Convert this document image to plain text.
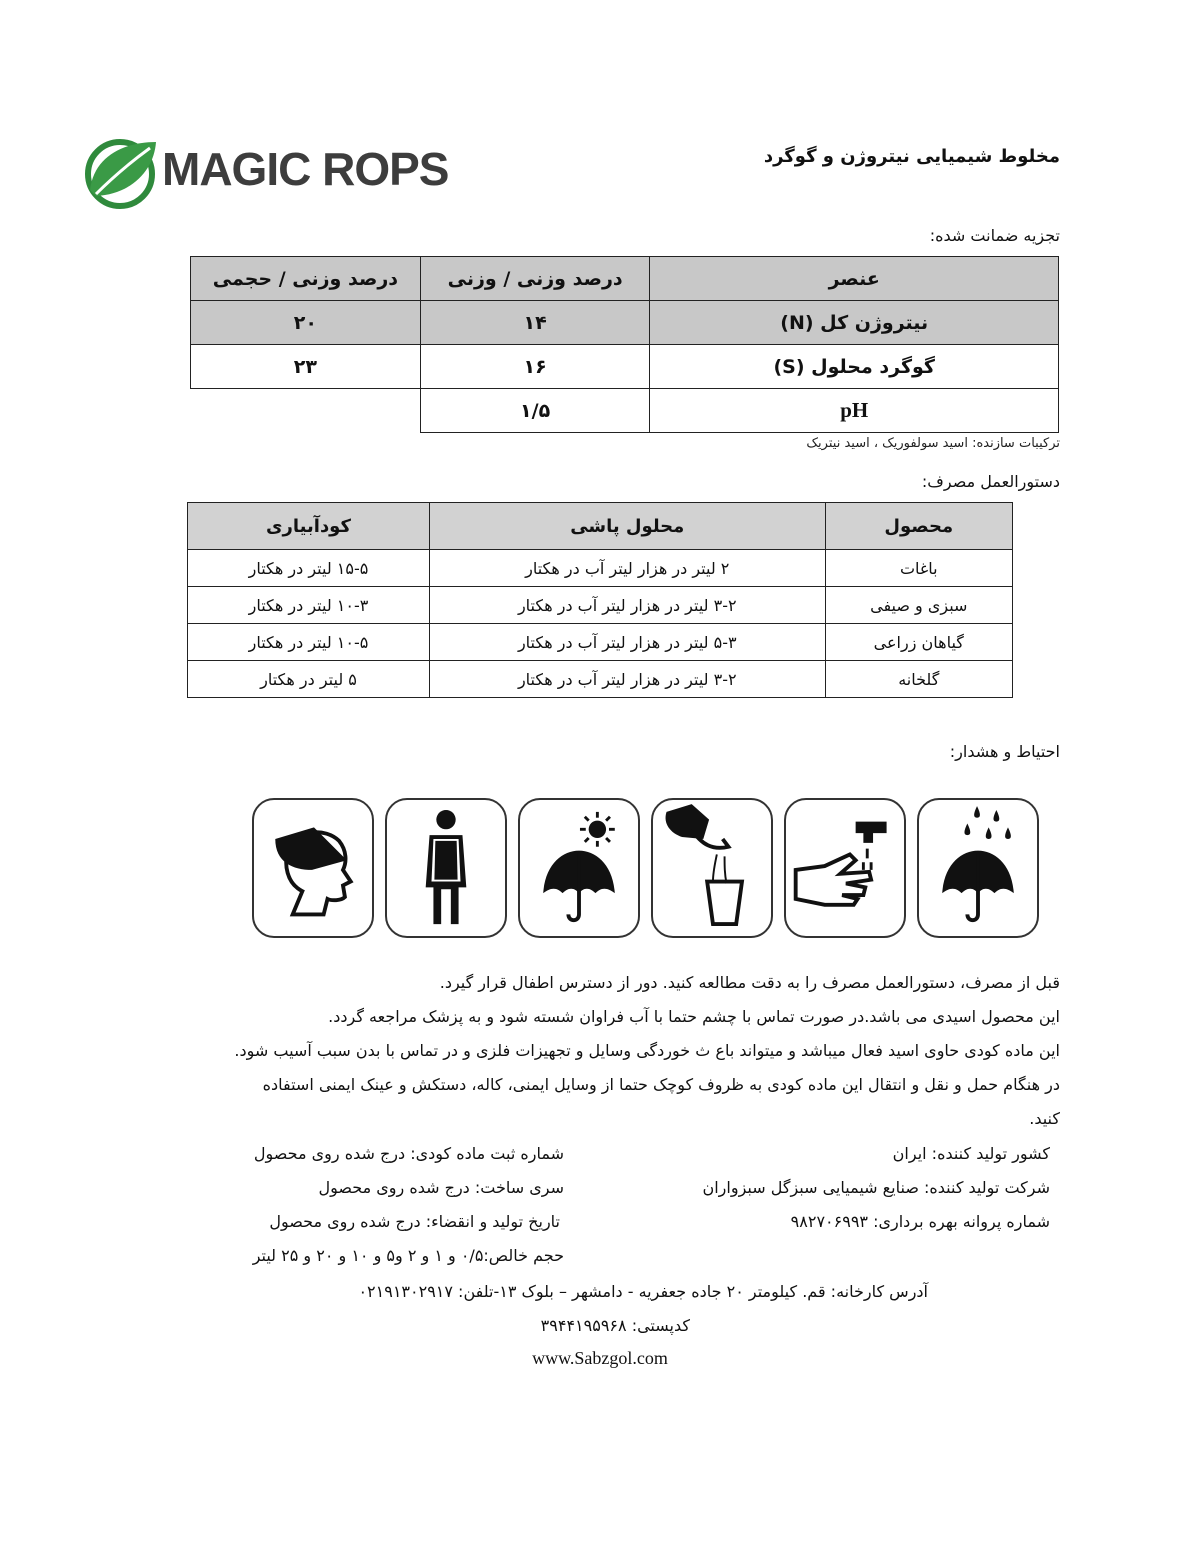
MAGIC ROPS	مخلوط شیمیایی نیتروژن و گوگرد
تجزیه ضمانت شده:
عنصر	درصد وزنی / وزنی	درصد وزنی / حجمی
نیتروژن کل (N)	۱۴	۲۰
گوگرد محلول (S)	۱۶	۲۳
pH	۱/۵	
ترکیبات سازنده: اسید سولفوریک ، اسید نیتریک
دستورالعمل مصرف:
محصول	محلول پاشی	کودآبیاری
باغات	۲ لیتر در هزار لیتر آب در هکتار	۱۵-۵ لیتر در هکتار
سبزی و صیفی	۳-۲ لیتر در هزار لیتر آب در هکتار	۱۰-۳ لیتر در هکتار
گیاهان زراعی	۵-۳ لیتر در هزار لیتر آب در هکتار	۱۰-۵ لیتر در هکتار
گلخانه	۳-۲ لیتر در هزار لیتر آب در هکتار	۵ لیتر در هکتار
احتیاط و هشدار:
قبل از مصرف، دستورالعمل مصرف را به دقت مطالعه کنید. دور از دسترس اطفال قرار گیرد.
این محصول اسیدی می باشد.در صورت تماس با چشم حتما با آب فراوان شسته شود و به پزشک مراجعه گردد.
این ماده کودی حاوی اسید فعال میباشد و میتواند باع ث خوردگی وسایل و تجهیزات فلزی و در تماس با بدن سبب آسیب شود.
در هنگام حمل و نقل و انتقال این ماده کودی به ظروف کوچک حتما از وسایل ایمنی، کاله، دستکش و عینک ایمنی استفاده
کنید.
کشور تولید کننده: ایران
شرکت تولید کننده: صنایع شیمیایی سبزگل سبزواران
شماره پروانه بهره برداری: ۹۸۲۷۰۶۹۹۳
شماره ثبت ماده کودی: درج شده روی محصول
سری ساخت: درج شده روی محصول
تاریخ تولید و انقضاء: درج شده روی محصول
حجم خالص:۰/۵ و ۱ و ۲ و۵ و ۱۰ و ۲۰ و ۲۵ لیتر
آدرس کارخانه: قم. کیلومتر ۲۰ جاده جعفریه - دامشهر – بلوک ۱۳-تلفن: ۰۲۱۹۱۳۰۲۹۱۷
کدپستی: ۳۹۴۴۱۹۵۹۶۸
www.Sabzgol.com
